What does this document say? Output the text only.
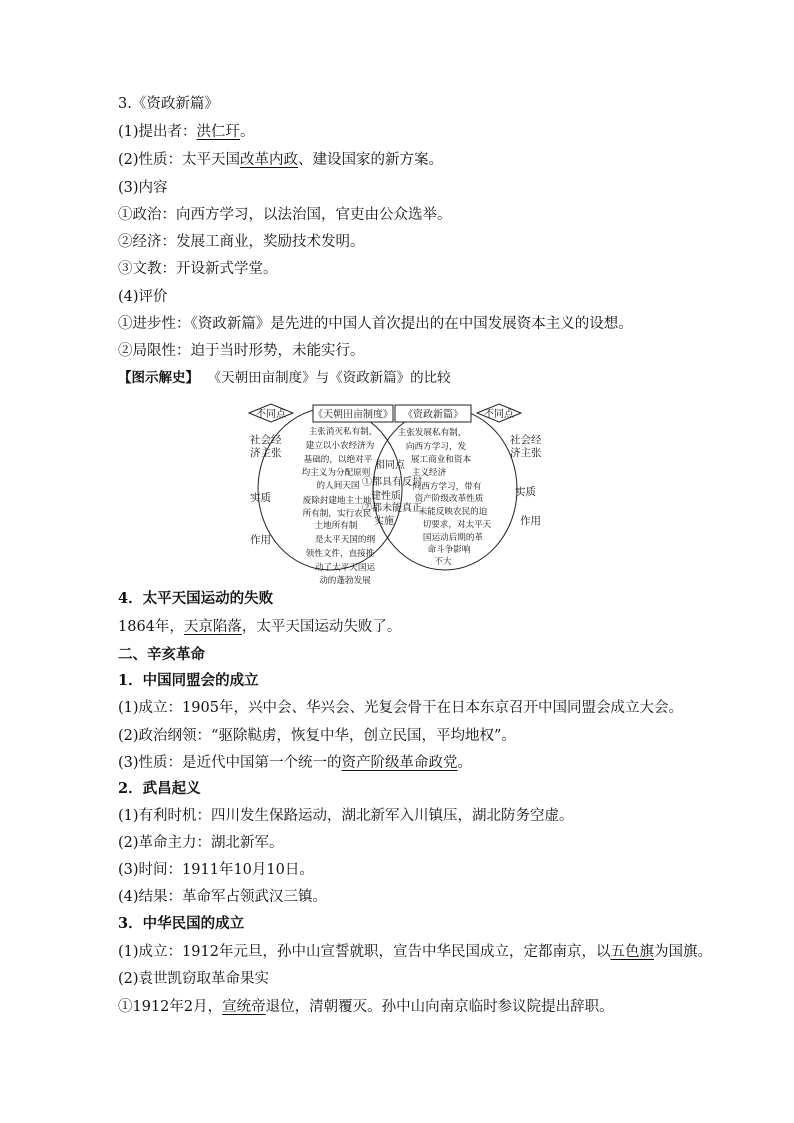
3.《资政新篇》
(1)提出者：洪仁玕。
(2)性质：太平天国改革内政、建设国家的新方案。
(3)内容
①政治：向西方学习，以法治国，官吏由公众选举。
②经济：发展工商业，奖励技术发明。
③文教：开设新式学堂。
(4)评价
①进步性：《资政新篇》是先进的中国人首次提出的在中国发展资本主义的设想。
②局限性：迫于当时形势，未能实行。
【图示解史】 《天朝田亩制度》与《资政新篇》的比较
不同点	《天朝田亩制度》 《资政新篇》 不同点
社会经
济主张
实质
作用
社会经
济主张
实质
作用
主张消灭私有制，
建立以小农经济为
基础的，以绝对平
均主义为分配原则
的人间天国
废除封建地主土地
所有制，实行农民
土地所有制
是太平天国的纲
领性文件，直接推
动了太平天国运
动的蓬勃发展
相同点
①都具有反封
建性质
②都未能真正
实施
主张发展私有制，
向西方学习，发
展工商业和资本
主义经济
向西方学习，带有
资产阶级改革性质
未能反映农民的迫
切要求，对太平天
国运动后期的革
命斗争影响
不大
4．太平天国运动的失败
1864年，天京陷落，太平天国运动失败了。
二、辛亥革命
1．中国同盟会的成立
(1)成立：1905年，兴中会、华兴会、光复会骨干在日本东京召开中国同盟会成立大会。
(2)政治纲领：“驱除鞑虏，恢复中华，创立民国，平均地权”。
(3)性质：是近代中国第一个统一的资产阶级革命政党。
2．武昌起义
(1)有利时机：四川发生保路运动，湖北新军入川镇压，湖北防务空虚。
(2)革命主力：湖北新军。
(3)时间：1911年10月10日。
(4)结果：革命军占领武汉三镇。
3．中华民国的成立
(1)成立：1912年元旦，孙中山宣誓就职，宣告中华民国成立，定都南京，以五色旗为国旗。
(2)袁世凯窃取革命果实
①1912年2月，宣统帝退位，清朝覆灭。孙中山向南京临时参议院提出辞职。
